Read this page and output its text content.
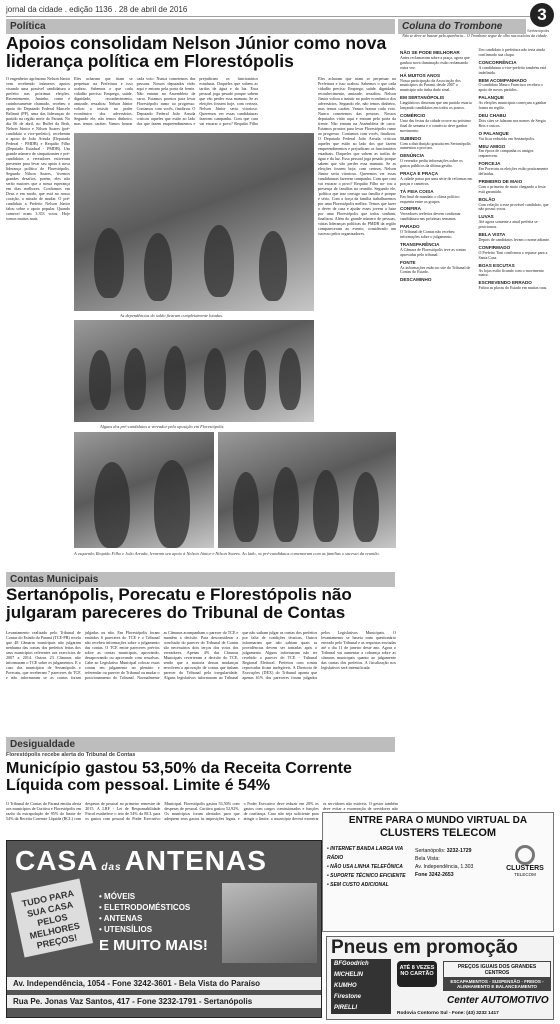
jornal da cidade . edição 1136 . 28 de abril de 2016	3
Sertanópolis
Política
Apoios consolidam Nelson Júnior como nova liderança política em Florestópolis
O engenheiro agrônomo Nelson Júnior vem recebendo inúmeros apoios visando uma possível candidatura a prefeito nas próximas eleições. Recentemente, Juninho, como é carinhosamente chamado, recebeu o apoio do Deputado Federal Marcelo Belinati (PP), uma das lideranças do partido na região norte do Paraná. No dia 06 de abril, no Buffet da Beth, Nelson Júnior e Nilson Soares (pré-candidato a vice-prefeito), receberam o apoio de João Arruda (Deputado Federal - PMDB) e Requião Filho (Deputado Estadual - PMDB). Um grande número de simpatizantes e pré-candidatos a vereadores estiveram presentes para levar seu apoio à nova liderança política de Florestópolis. Segundo Nilson Soares, 'tivemos grandes desafios, porém, eles não serão maiores que a nossa esperança em dias melhores. Confiamos em Deus e em modo, que está no nosso coração, a missão de mudar. O pré-candidato a Prefeito Nelson Júnior falou sobre o apoio popular. Quando comecei eram 3.353 votos. Hoje somos muitos mais.
Eles acharam que iriam se perpetuar na Prefeitura e isso acabou. Sabemos o que cada cidadão precisa: Emprego, saúde, dignidade, reconhecimento, amizade, ressaltou. Nelson Júnior voltou a insistir no poder econômico dos adversários. Segundo ele, não temos dinheiro, mas temos caráter. Vamos honrar cada voto. Nunca cometemos das pessoas. Nossos deputados virão aqui e entram pela porta da frente. Não entram na Assembleia de carro. Estamos prontos para levar Florestópolis rumo ao progresso. Contamos com vocês, finalizou. O Deputado Federal João Arruda criticou aqueles que estão ao lado dos que fazem empreendimentos e prejudicam os funcionários estaduais. Daqueles que sobem as tarifas de água e da luz. Essa pessoal joga pesado porque sabem que vão perder essa mamata. Se as eleições fossem hoje, com certeza, Nelson Júnior seria vitorioso. Queremos ver essas candidaturas fazerem campanha. Com que cara vai encarar o povo? Requião Filho
As dependências do salão ficaram completamente lotadas.
Eles acharam que iriam se perpetuar na Prefeitura e isso acabou. Sabemos o que cada cidadão precisa: Emprego, saúde, dignidade, reconhecimento, amizade, ressaltou. Nelson Júnior voltou a insistir no poder econômico dos adversários. Segundo ele, não temos dinheiro, mas temos caráter. Vamos honrar cada voto. Nunca cometemos das pessoas. Nossos deputados virão aqui e entram pela porta da frente. Não entram na Assembleia de carro. Estamos prontos para levar Florestópolis rumo ao progresso. Contamos com vocês, finalizou. O Deputado Federal João Arruda criticou aqueles que estão ao lado dos que fazem empreendimentos e prejudicam os funcionários estaduais. Daqueles que sobem as tarifas de água e da luz. Essa pessoal joga pesado porque sabem que vão perder essa mamata. Se as eleições fossem hoje, com certeza, Nelson Júnior seria vitorioso. Queremos ver essas candidaturas fazerem campanha. Com que cara vai encarar o povo? Requião Filho no- tou a presença de famílias na reunião. Segundo ele, 'política que traz consigo sua família é porque é sério. Com a força da família trabalharemos por uma Florestópolis melhor. Temos que fazer o dever de casa e ajudar esses jovens a lutar por uma Florestópolis que todos sonham, finalizou. Além do grande número de pessoas, várias lideranças políticas do PMDB da região compareceram ao evento, considerado um sucesso pelos organizadores.
Alguns dos pré-candidatos a vereador pela oposição em Florestópolis.
A esquerda, Requião Filho e João Arruda, levaram seu apoio à Nelson Júnior e Nilson Soares. Ao lado, os pré-candidatos comemoram com as famílias o sucesso da reunião.
Coluna do Trombone
Não se deve se basear pela aparência... O Trombone segue de olho nas notícias da cidade.
NÃO SE PODE MELHORAR
Antes reclamavam sobre a praça, agora que ganhou nova iluminação estão reclamando outra vez.
HÁ MUITOS ANOS
Nossa participação da Associação dos municípios do Paraná, desde 2007 o município não tinha dado sinal.
EM SERTANÓPOLIS
Lingüísticos disseram que um partido estaria lançando candidatos em todos os postos.
COMÉRCIO
Uma das festas da cidade ocorre no próximo final de semana e o comércio deve ganhar movimento.
SUBINDO
Com a distribuição gratuita em Sertanópolis aumentou a procura.
DENÚNCIA
O vereador pediu informações sobre os gastos públicos da última gestão.
PRAÇA E PRAÇA
A cidade passa por uma série de reformas em praças e canteiros.
TÁ FEIA COISA
Em final de mandato o clima político esquenta entre os grupos.
CONFIRA
Vereadores reeleitos devem confirmar candidatura nas próximas semanas.
PARADO
O Tribunal de Contas não recebeu informações sobre o julgamento.
TRANSPARÊNCIA
A Câmara de Florestópolis teve as contas aprovadas pelo tribunal.
FONTE
As informações estão no site do Tribunal de Contas do Estado.
DESCAMINHO
Um candidato à prefeitura não teria ainda confirmado sua chapa.
CONCORRÊNCIA
A candidatura a vice-prefeito também está indefinida.
BEM ACOMPANHADO
O candidato Mauro Francisco recebeu o apoio de novos partidos.
PALANQUE
As eleições municipais começam a ganhar forma na região.
DEU CHABU
Dois sites se falaram nos nomes de Sergio Reis e outros.
O PALANQUE
Vai ficar reduzido em Sertanópolis.
MEU AMIGO
Em época de campanha os amigos reaparecem.
FORCEJA
Em Porecatu as eleições estão praticamente definidas.
PRIMEIRO DE MAIO
Com o primeiro de maio chegando a festa está garantida.
BOLÃO
Com relação a esse provável candidato, que não possui votos.
LUVAS
Até agora somente a atual prefeita se posicionou.
BELA VISTA
Depois de candidatos levam o nome adiante.
CONFIRMADO
O Prefeito Toni confirmou o repasse para a Santa Casa.
BOAS ESCUTAS
As lojas estão ficando com o movimento maior.
ESCREVENDO ERRADO
Faltou as placas do Estado em muitas ruas.
Contas Municipais
Sertanópolis, Porecatu e Florestópolis não julgaram pareceres do Tribunal de Contas
Levantamento realizado pelo Tribunal de Contas do Estado do Paraná (TCE-PR) revela que 48 Câmaras municipais não julgaram nenhuma das contas dos prefeitos feitas dos seus municípios referentes aos exercícios de 2007 a 2014. Outras 23 Câmaras não informaram o TCE sobre os julgamentos. E o caso dos municípios de Sertanópolis e Porecatu, que receberam 7 pareceres do TCE e não informaram se as contas foram julgadas ou não. Em Florestópolis foram emitidos 6 pareceres do TCE e o Tribunal não recebeu informações sobre o julgamento das contas. O TCE emite pareceres prévios sobre as contas municipais, aprovando, desaprovando ou aprovando com ressalvas. Cabe ao Legislativo Municipal colocar essas contas em julgamento no plenário e referendar ou parecer do Tribunal ou mudar o posicionamento do Tribunal. Normalmente as Câmaras acompanham o parecer do TCE e mantêm a decisão. Para desconsiderar a conclusão do parecer do Tribunal de Contas são necessários dois terços dos votos dos vereadores. Apenas 4% das Câmaras Municipais reverteram a decisão do TCE, sendo que a maioria dessas mudanças envolvem a aprovação de contas que tinham parecer do Tribunal pela irregularidade. Alguns legislativos informaram ao Tribunal que não saibam julgar as contas dos prefeitos por falta de condições técnicas. Outros informaram que não sabiam quais as providências devem ser tomadas após o julgamento. Alguns informaram não ter recebido o parecer do TCE - Tribunal Regional Eleitoral. Prefeitos com contas reprovadas ficam inelegíveis. A Diretoria de Execuções (DEX) do Tribunal aponta que apenas 61% dos pareceres foram julgados pelos Legislativos Municipais. O levantamento se baseia num questionário enviado pelo Tribunal e as respostas enviadas até o dia 11 de janeiro deste ano. Agora o Tribunal vai aumentar a cobrança sobre as câmaras municipais quanto ao julgamento das contas dos prefeitos. A fiscalização nos legislativos será intensificada.
Desigualdade
Florestópolis recebe alerta do Tribunal de Contas
Município gastou 53,50% da Receita Corrente Líquida com pessoal. Limite é 54%
O Tribunal de Contas do Paraná emitiu alerta aos municípios de Curiúva e Florestópolis em razão da extrapolação de 95% do limite de 54% da Receita Corrente Líquida (RCL) com despesas de pessoal no primeiro semestre de 2015. A LRF - Lei de Responsabilidade Fiscal estabelece o teto de 54% da RCL para os gastos com pessoal do Poder Executivo Municipal. Florestópolis gastou 53,50% com despesas de pessoal. Curiúva gastou 52,92%. Os municípios foram alertados para que adequem seus gastos às imposições legais, e o Poder Executivo deve reduzir em 20% os gastos com cargos comissionados e funções de confiança. Caso não seja suficiente para atingir o limite, o município deverá exonerar os servidores não estáveis. O gestor também deve evitar a exoneração de servidores não
ENTRE PARA O MUNDO VIRTUAL DA
CLUSTERS TELECOM
• INTERNET BANDA LARGA VIA RÁDIO
• NÃO USA LINHA TELEFÔNICA
• SUPORTE TÉCNICO EFICIENTE
• SEM CUSTO ADICIONAL
Sertanópolis: 3232-1729
Bela Vista:
Av. Independência, 1.303
Fone 3242-2653
CLUSTERS
TELECOM
CASA das ANTENAS
TUDO PARA SUA CASA PELOS MELHORES PREÇOS!
• MÓVEIS
• ELETRODOMÉSTICOS
• ANTENAS
• UTENSÍLIOS
E MUITO MAIS!
Av. Independência, 1054 - Fone 3242-3601 - Bela Vista do Paraíso
Rua Pe. Jonas Vaz Santos, 417 - Fone 3232-1791 - Sertanópolis
Pneus em promoção
BFGoodrich
MICHELIN
KUMHO
Firestone
PIRELLI
ATÉ 8 VEZES NO CARTÃO
PREÇOS IGUAIS DOS GRANDES CENTROS
ESCAPAMENTOS - SUSPENSÃO - FREIOS - ALINHAMENTO E BALANCEAMENTO
Center AUTOMOTIVO
Rodovia Contorno Sul - Fone: (43) 3232 1417
